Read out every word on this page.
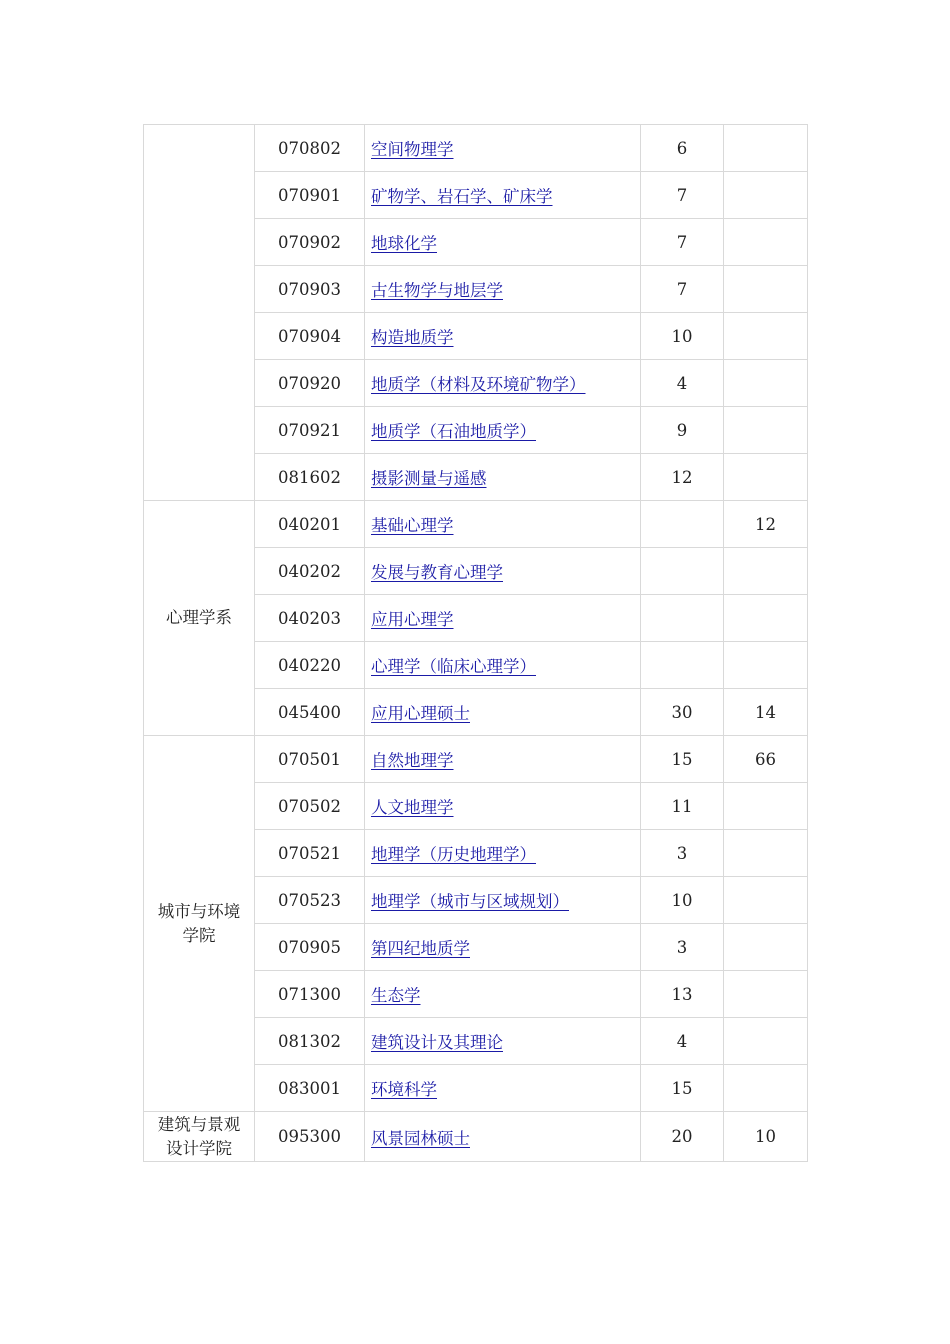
	070802	空间物理学	6	
	070901	矿物学、岩石学、矿床学	7	
	070902	地球化学	7	
	070903	古生物学与地层学	7	
	070904	构造地质学	10	
	070920	地质学（材料及环境矿物学）	4	
	070921	地质学（石油地质学）	9	
	081602	摄影测量与遥感	12	
心理学系	040201	基础心理学		12
	040202	发展与教育心理学		
	040203	应用心理学		
	040220	心理学（临床心理学）		
	045400	应用心理硕士	30	14
城市与环境学院	070501	自然地理学	15	66
	070502	人文地理学	11	
	070521	地理学（历史地理学）	3	
	070523	地理学（城市与区域规划）	10	
	070905	第四纪地质学	3	
	071300	生态学	13	
	081302	建筑设计及其理论	4	
	083001	环境科学	15	
建筑与景观设计学院	095300	风景园林硕士	20	10
